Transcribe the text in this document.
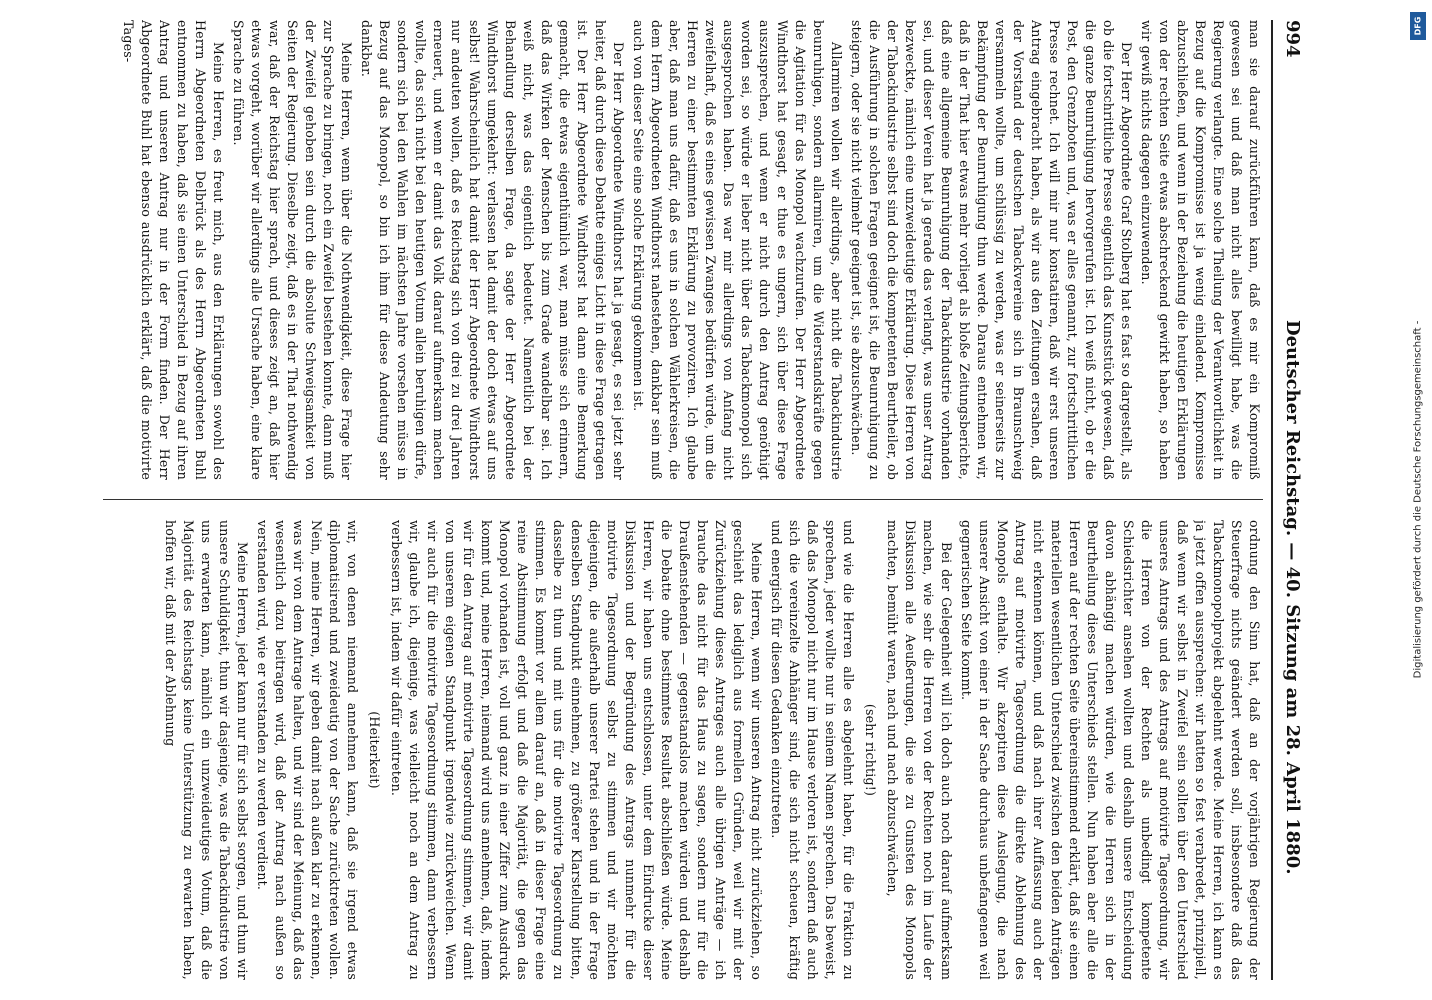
994
Deutscher Reichstag. — 40. Sitzung am 28. April 1880.

man sie darauf zurückführen kann, daß es mir ein Kompromiß gewesen sei und daß man nicht alles bewilligt habe, was die Regierung verlangte. Eine solche Theilung der Verantwortlichkeit in Bezug auf die Kompromisse ist ja wenig einladend. Kompromisse abzuschließen, und wenn in der Beziehung die heutigen Erklärungen von der rechten Seite etwas abschreckend gewirkt haben, so haben wir gewiß nichts dagegen einzuwenden.

Der Herr Abgeordnete Graf Stolberg hat es fast so dargestellt, als ob die fortschrittliche Presse eigentlich das Kunststück gewesen, daß die ganze Beunruhigung hervorgerufen ist. Ich weiß nicht, ob er die Post, den Grenzboten und, was er alles genannt, zur fortschrittlichen Presse rechnet. Ich will mir nur konstatiren, daß wir erst unseren Antrag eingebracht haben, als wir aus den Zeitungen ersahen, daß der Vorstand der deutschen Tabackvereine sich in Braunschweig versammeln wollte, um schlüssig zu werden, was er seinerseits zur Bekämpfung der Beunruhigung thun werde. Daraus entnehmen wir, daß in der That hier etwas mehr vorliegt als bloße Zeitungsberichte, daß eine allgemeine Beunruhigung der Tabackindustrie vorhanden sei, und dieser Verein hat ja gerade das verlangt, was unser Antrag bezweckte, nämlich eine unzweideutige Erklärung. Diese Herren von der Tabackindustrie selbst sind doch die kompetenten Beurtheiler, ob die Ausführung in solchen Fragen geeignet ist, die Beunruhigung zu steigern, oder sie nicht vielmehr geeignet ist, sie abzuschwächen.

Allarmiren wollen wir allerdings, aber nicht die Tabackindustrie beunruhigen, sondern allarmiren, um die Widerstandskräfte gegen die Agitation für das Monopol wachzurufen. Der Herr Abgeordnete Windthorst hat gesagt, er thue es ungern, sich über diese Frage auszusprechen, und wenn er nicht durch den Antrag genöthigt worden sei, so würde er lieber nicht über das Tabackmonopol sich ausgesprochen haben. Das war mir allerdings von Anfang nicht zweifelhaft, daß es eines gewissen Zwanges bedürfen würde, um die Herren zu einer bestimmten Erklärung zu provoziren. Ich glaube aber, daß man uns dafür, daß es uns in solchen Wählerkreisen, die dem Herrn Abgeordneten Windthorst nahestehen, dankbar sein muß auch von dieser Seite eine solche Erklärung gekommen ist.

Der Herr Abgeordnete Windthorst hat ja gesagt, es sei jetzt sehr heiter, daß durch diese Debatte einiges Licht in diese Frage getragen ist. Der Herr Abgeordnete Windthorst hat dann eine Bemerkung gemacht, die etwas eigenthümlich war, man müsse sich erinnern, daß das Wirken der Menschen bis zum Grade wandelbar sei. Ich weiß nicht, was das eigentlich bedeutet. Namentlich bei der Behandlung derselben Frage, da sagte der Herr Abgeordnete Windthorst umgekehrt: verlassen hat damit der doch etwas auf uns selbst! Wahrscheinlich hat damit der Herr Abgeordnete Windthorst nur andeuten wollen, daß es Reichstag sich von drei zu drei Jahren erneuert, und wenn er damit das Volk darauf aufmerksam machen wollte, das sich nicht bei den heutigen Votum allein beruhigen dürfe, sondern sich bei den Wahlen im nächsten Jahre vorsehen müsse in Bezug auf das Monopol, so bin ich ihm für diese Andeutung sehr dankbar.

Meine Herren, wenn über die Nothwendigkeit, diese Frage hier zur Sprache zu bringen, noch ein Zweifel bestehen konnte, dann muß der Zweifel gehoben sein durch die absolute Schweigsamkeit von Seiten der Regierung. Dieselbe zeigt, daß es in der That nothwendig war, daß der Reichstag hier sprach, und dieses zeigt an, daß hier etwas vorgeht, worüber wir allerdings alle Ursache haben, eine klare Sprache zu führen.

Meine Herren, es freut mich, aus den Erklärungen sowohl des Herrn Abgeordneten Delbrück als des Herrn Abgeordneten Buhl entnommen zu haben, daß sie einen Unterschied in Bezug auf ihren Antrag und unseren Antrag nur in der Form finden. Der Herr Abgeordnete Buhl hat ebenso ausdrücklich erklärt, daß die motivirte Tages-

ordnung den Sinn hat, daß an der vorjährigen Regierung der Steuerfrage nichts geändert werden soll, insbesondere daß das Tabackmonopolprojekt abgelehnt werde. Meine Herren, ich kann es ja jetzt offen aussprechen: wir hatten so fest verabredet, prinzipiell, daß wenn wir selbst in Zweifel sein sollten über den Unterschied unseres Antrags und des Antrags auf motivirte Tagesordnung, wir die Herren von der Rechten als unbedingt kompetente Schiedsrichter ansehen wollten und deshalb unsere Entscheidung davon abhängig machen würden, wie die Herren sich in der Beurtheilung dieses Unterschieds stellen. Nun haben aber alle die Herren auf der rechten Seite übereinstimmend erklärt, daß sie einen materiellen wesentlichen Unterschied zwischen den beiden Anträgen nicht erkennen können, und daß nach ihrer Auffassung auch der Antrag auf motivirte Tagesordnung die direkte Ablehnung des Monopols enthalte. Wir akzeptiren diese Auslegung, die nach unserer Ansicht von einer in der Sache durchaus unbefangenen weil gegnerischen Seite kommt.

Bei der Gelegenheit will ich doch auch noch darauf aufmerksam machen, wie sehr die Herren von der Rechten noch im Laufe der Diskussion alle Aeußerungen, die sie zu Gunsten des Monopols machten, bemüht waren, nach und nach abzuschwächen,

(sehr richtig!)

und wie die Herren alle es abgelehnt haben, für die Fraktion zu sprechen, jeder wollte nur in seinem Namen sprechen. Das beweist, daß das Monopol nicht nur im Hause verloren ist, sondern daß auch sich die vereinzelte Anhänger sind, die sich nicht scheuen, kräftig und energisch für diesen Gedanken einzutreten.

Meine Herren, wenn wir unseren Antrag nicht zurückziehen, so geschieht das lediglich aus formellen Gründen, weil wir mit der Zurückziehung dieses Antrages auch alle übrigen Anträge — ich brauche das nicht für das Haus zu sagen, sondern nur für die Draußenstehenden — gegenstandslos machen würden und deshalb die Debatte ohne bestimmtes Resultat abschließen würde. Meine Herren, wir haben uns entschlossen, unter dem Eindrucke dieser Diskussion und der Begründung des Antrags nunmehr für die motivirte Tagesordnung selbst zu stimmen und wir möchten diejenigen, die außerhalb unserer Partei stehen und in der Frage denselben Standpunkt einnehmen, zu größerer Klarstellung bitten, dasselbe zu thun und mit uns für die motivirte Tagesordnung zu stimmen. Es kommt vor allem darauf an, daß in dieser Frage eine reine Abstimmung erfolgt und daß die Majorität, die gegen das Monopol vorhanden ist, voll und ganz in einer Ziffer zum Ausdruck kommt und, meine Herren, niemand wird uns annehmen, daß, indem wir für den Antrag auf motivirte Tagesordnung stimmen, wir damit von unserem eigenen Standpunkt irgendwie zurückweichen. Wenn wir auch für die motivirte Tagesordnung stimmen, dann verbessern wir, glaube ich, diejenige, was vielleicht noch an dem Antrag zu verbessern ist, indem wir dafür eintreten.

(Heiterkeit)

wir, von denen niemand annehmen kann, daß sie irgend etwas diplomatisirend und zweideutig von der Sache zurücktreten wollen. Nein, meine Herren, wir geben damit nach außen klar zu erkennen, was wir von dem Antrage halten, und wir sind der Meinung, daß das wesentlich dazu beitragen wird, daß der Antrag nach außen so verstanden wird, wie er verstanden zu werden verdient.

Meine Herren, jeder kann nur für sich selbst sorgen, und thun wir unsere Schuldigkeit, thun wir dasjenige, was die Tabackindustrie von uns erwarten kann, nämlich ein unzweideutiges Votum, daß die Majorität des Reichstags keine Unterstützung zu erwarten haben, hoffen wir, daß mit der Ablehnung

DFG
Digitalisierung gefördert durch die Deutsche Forschungsgemeinschaft -
